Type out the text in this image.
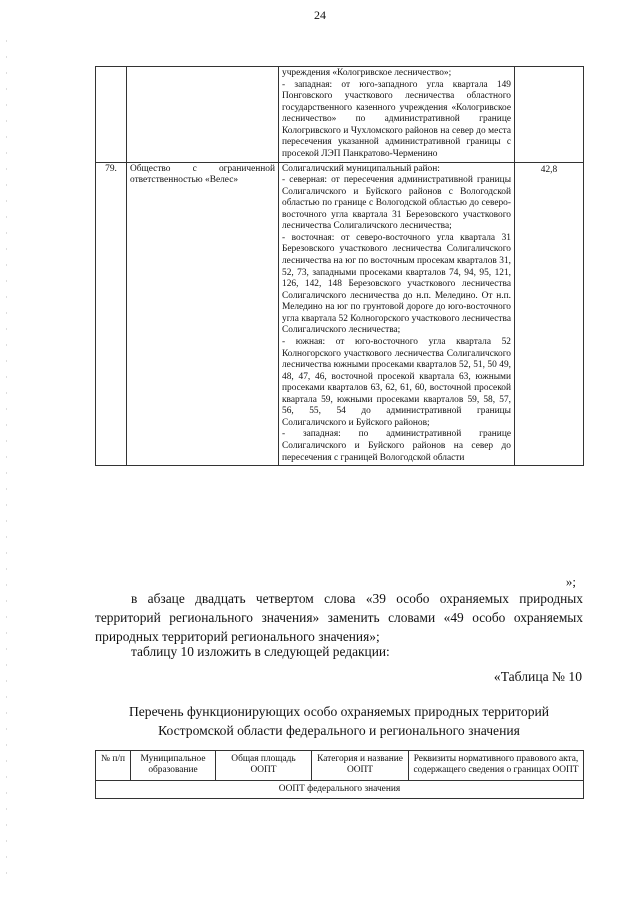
24

		учреждения «Кологривское лесничество»;
- западная: от юго-западного угла квартала 149 Понговского участкового лесничества областного государственного казенного учреждения «Кологривское лесничество» по административной границе Кологривского и Чухломского районов на север до места пересечения указанной административной границы с просекой ЛЭП Панкратово-Черменино	

79.	Общество с ограниченной ответственностью «Велес»	Солигаличский муниципальный район:
- северная: от пересечения административной границы Солигаличского и Буйского районов с Вологодской областью по границе с Вологодской областью до северо-восточного угла квартала 31 Березовского участкового лесничества Солигаличского лесничества;
- восточная: от северо-восточного угла квартала 31 Березовского участкового лесничества Солигаличского лесничества на юг по восточным просекам кварталов 31, 52, 73, западными просеками кварталов 74, 94, 95, 121, 126, 142, 148 Березовского участкового лесничества Солигаличского лесничества до н.п. Меледино. От н.п. Меледино на юг по грунтовой дороге до юго-восточного угла квартала 52 Колногорского участкового лесничества Солигаличского лесничества;
- южная: от юго-восточного угла квартала 52 Колногорского участкового лесничества Солигаличского лесничества южными просеками кварталов 52, 51, 50 49, 48, 47, 46, восточной просекой квартала 63, южными просеками кварталов 63, 62, 61, 60, восточной просекой квартала 59, южными просеками кварталов 59, 58, 57, 56, 55, 54 до административной границы Солигаличского и Буйского районов;
- западная: по административной границе Солигаличского и Буйского районов на север до пересечения с границей Вологодской области	42,8
»;
в абзаце двадцать четвертом слова «39 особо охраняемых природных территорий регионального значения» заменить словами «49 особо охраняемых природных территорий регионального значения»;
таблицу 10 изложить в следующей редакции:
«Таблица № 10
Перечень функционирующих особо охраняемых природных территорий
Костромской области федерального и регионального значения
№ п/п	Муниципальное образование	Общая площадь ООПТ	Категория и название ООПТ	Реквизиты нормативного правового акта, содержащего сведения о границах ООПТ
ООПТ федерального значения
